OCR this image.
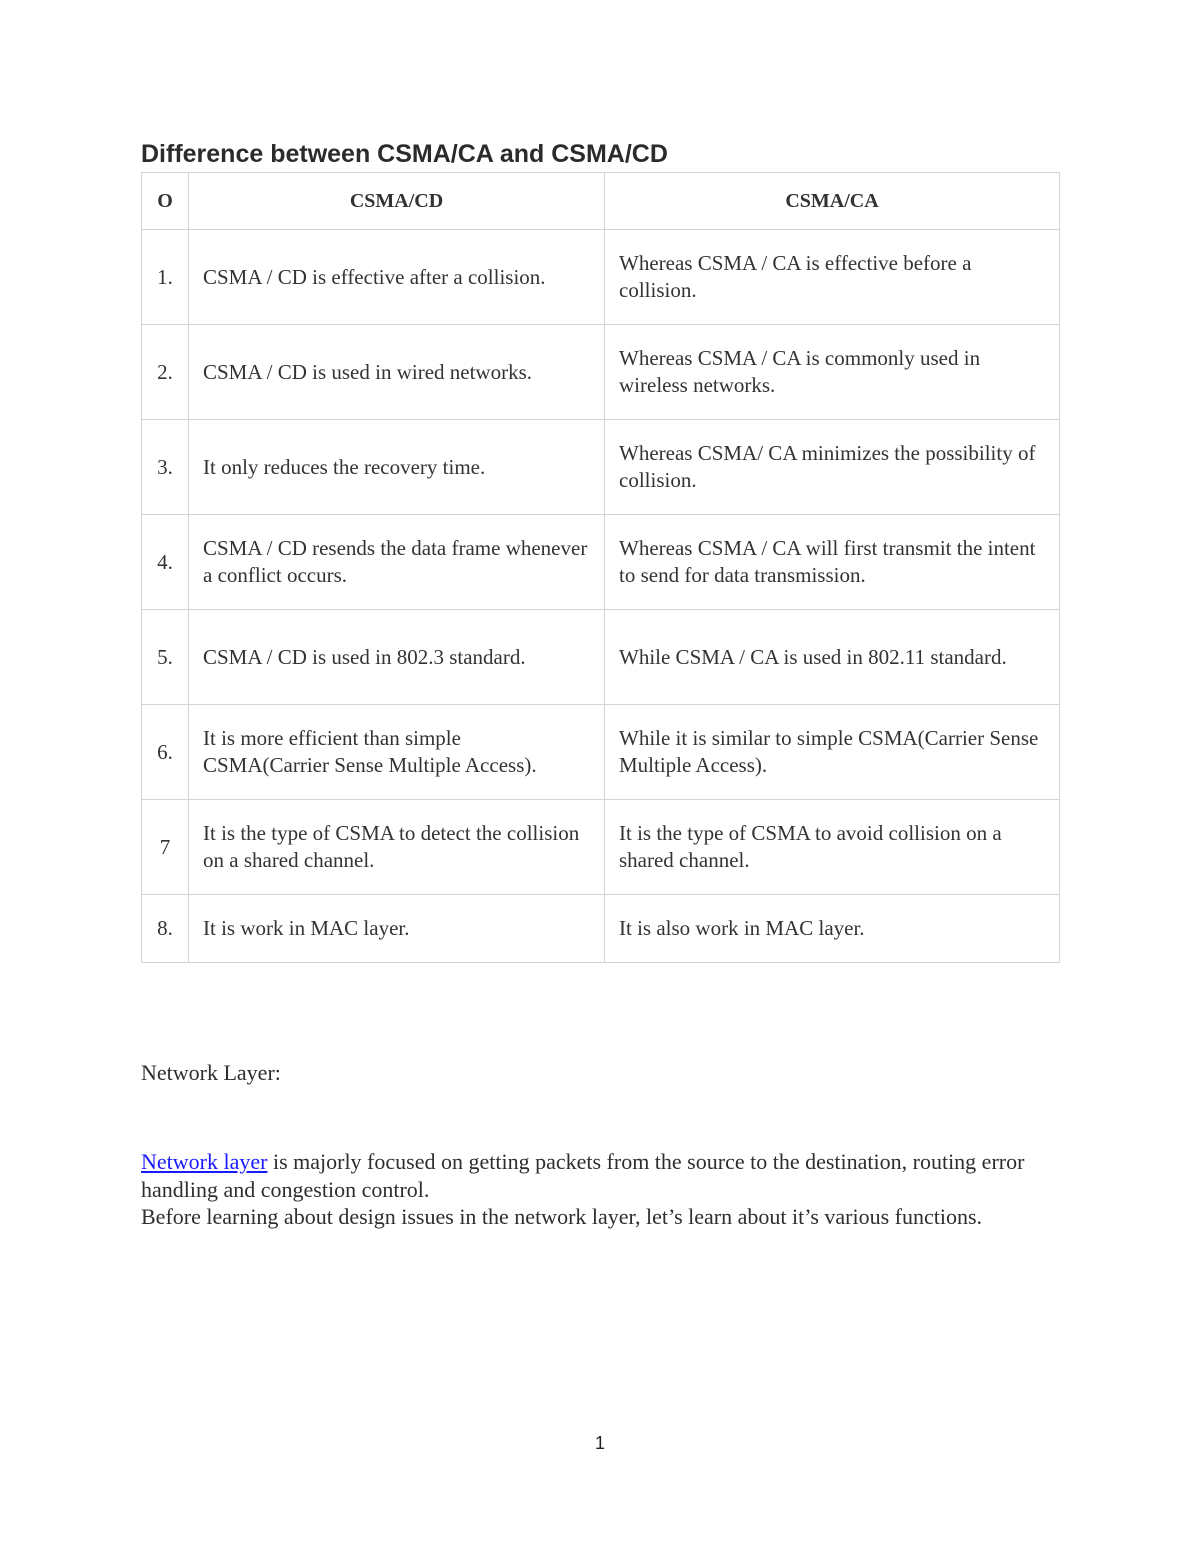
Difference between CSMA/CA and CSMA/CD
O	CSMA/CD	CSMA/CA
1.	CSMA / CD is effective after a collision.	Whereas CSMA / CA is effective before a collision.
2.	CSMA / CD is used in wired networks.	Whereas CSMA / CA is commonly used in wireless networks.
3.	It only reduces the recovery time.	Whereas CSMA/ CA minimizes the possibility of collision.
4.	CSMA / CD resends the data frame whenever a conflict occurs.	Whereas CSMA / CA will first transmit the intent to send for data transmission.
5.	CSMA / CD is used in 802.3 standard.	While CSMA / CA is used in 802.11 standard.
6.	It is more efficient than simple CSMA(Carrier Sense Multiple Access).	While it is similar to simple CSMA(Carrier Sense Multiple Access).
7	It is the type of CSMA to detect the collision on a shared channel.	It is the type of CSMA to avoid collision on a shared channel.
8.	It is work in MAC layer.	It is also work in MAC layer.
Network Layer:

Network layer is majorly focused on getting packets from the source to the destination, routing error handling and congestion control.
Before learning about design issues in the network layer, let’s learn about it’s various functions.

1
